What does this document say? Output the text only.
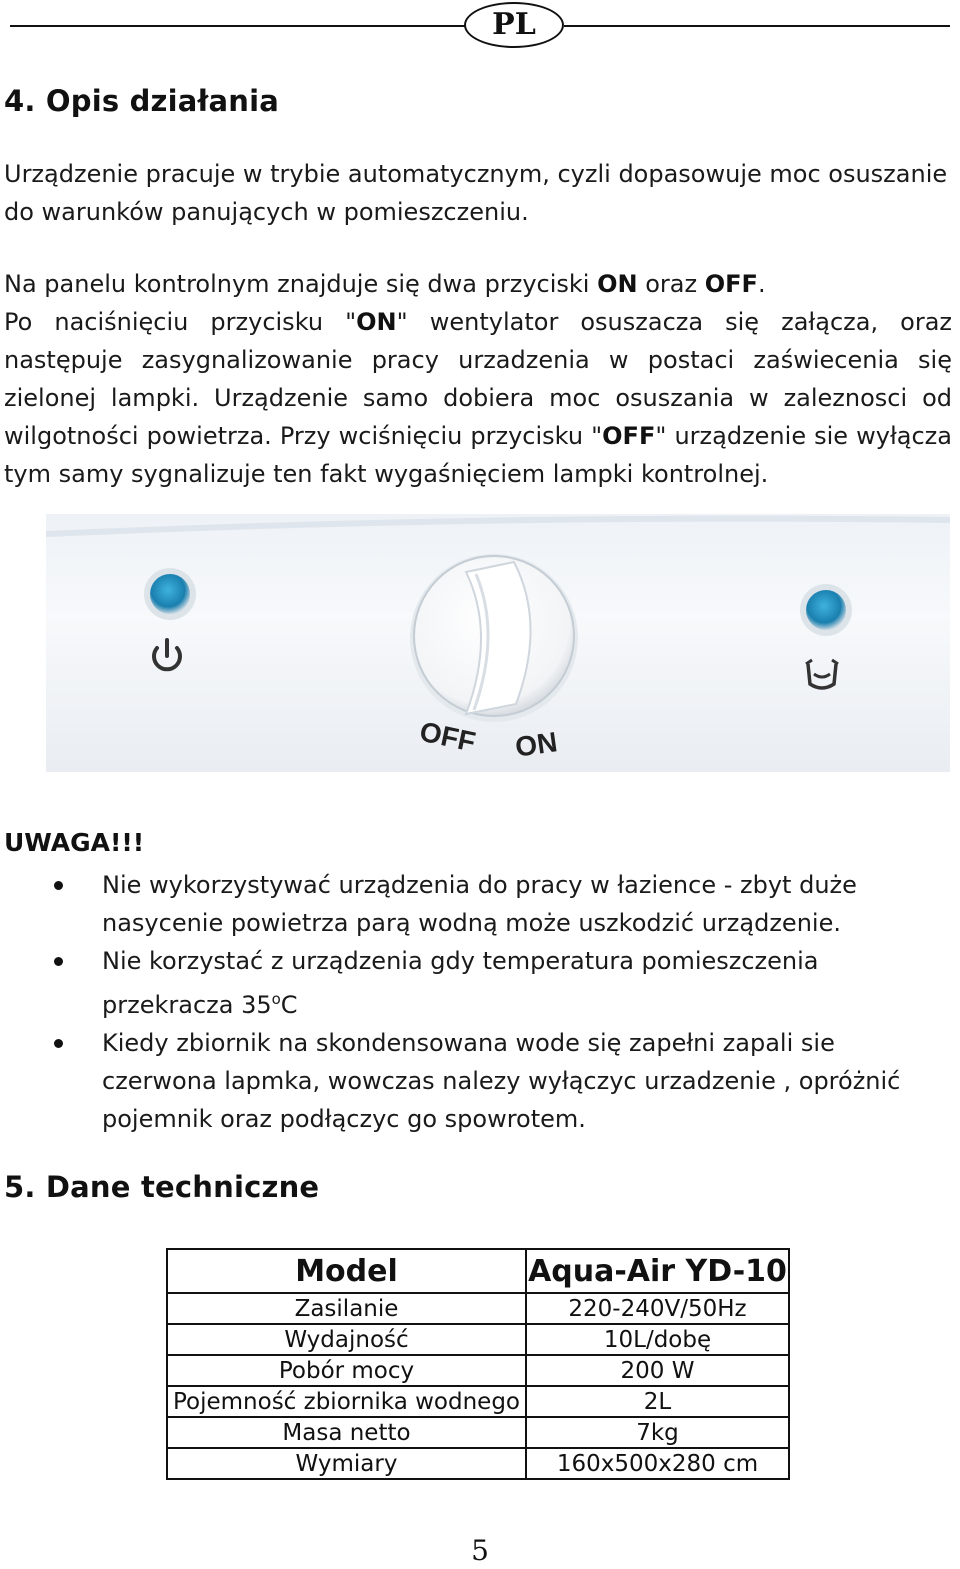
PL
4. Opis działania

Urządzenie pracuje w trybie automatycznym, cyzli dopasowuje moc osuszanie do warunków panujących w pomieszczeniu.

Na panelu kontrolnym znajduje się dwa przyciski ON oraz OFF.
Po naciśnięciu przycisku "ON" wentylator osuszacza się załącza, oraz następuje zasygnalizowanie pracy urzadzenia w postaci zaświecenia się zielonej lampki. Urządzenie samo dobiera moc osuszania w zaleznosci od wilgotności powietrza. Przy wciśnięciu przycisku "OFF" urządzenie sie wyłącza tym samy sygnalizuje ten fakt wygaśnięciem lampki kontrolnej.

OFF ON
UWAGA!!!
Nie wykorzystywać urządzenia do pracy w łazience - zbyt duże nasycenie powietrza parą wodną może uszkodzić urządzenie.
Nie korzystać z urządzenia gdy temperatura pomieszczenia przekracza 35$^o$C
Kiedy zbiornik na skondensowana wode się zapełni zapali sie czerwona lapmka, wowczas nalezy wyłączyc urzadzenie , opróżnić pojemnik oraz podłączyc go spowrotem.
5. Dane techniczne
Model	Aqua-Air YD-10
Zasilanie	220-240V/50Hz
Wydajność	10L/dobę
Pobór mocy	200 W
Pojemność zbiornika wodnego	2L
Masa netto	7kg
Wymiary	160x500x280 cm
5
